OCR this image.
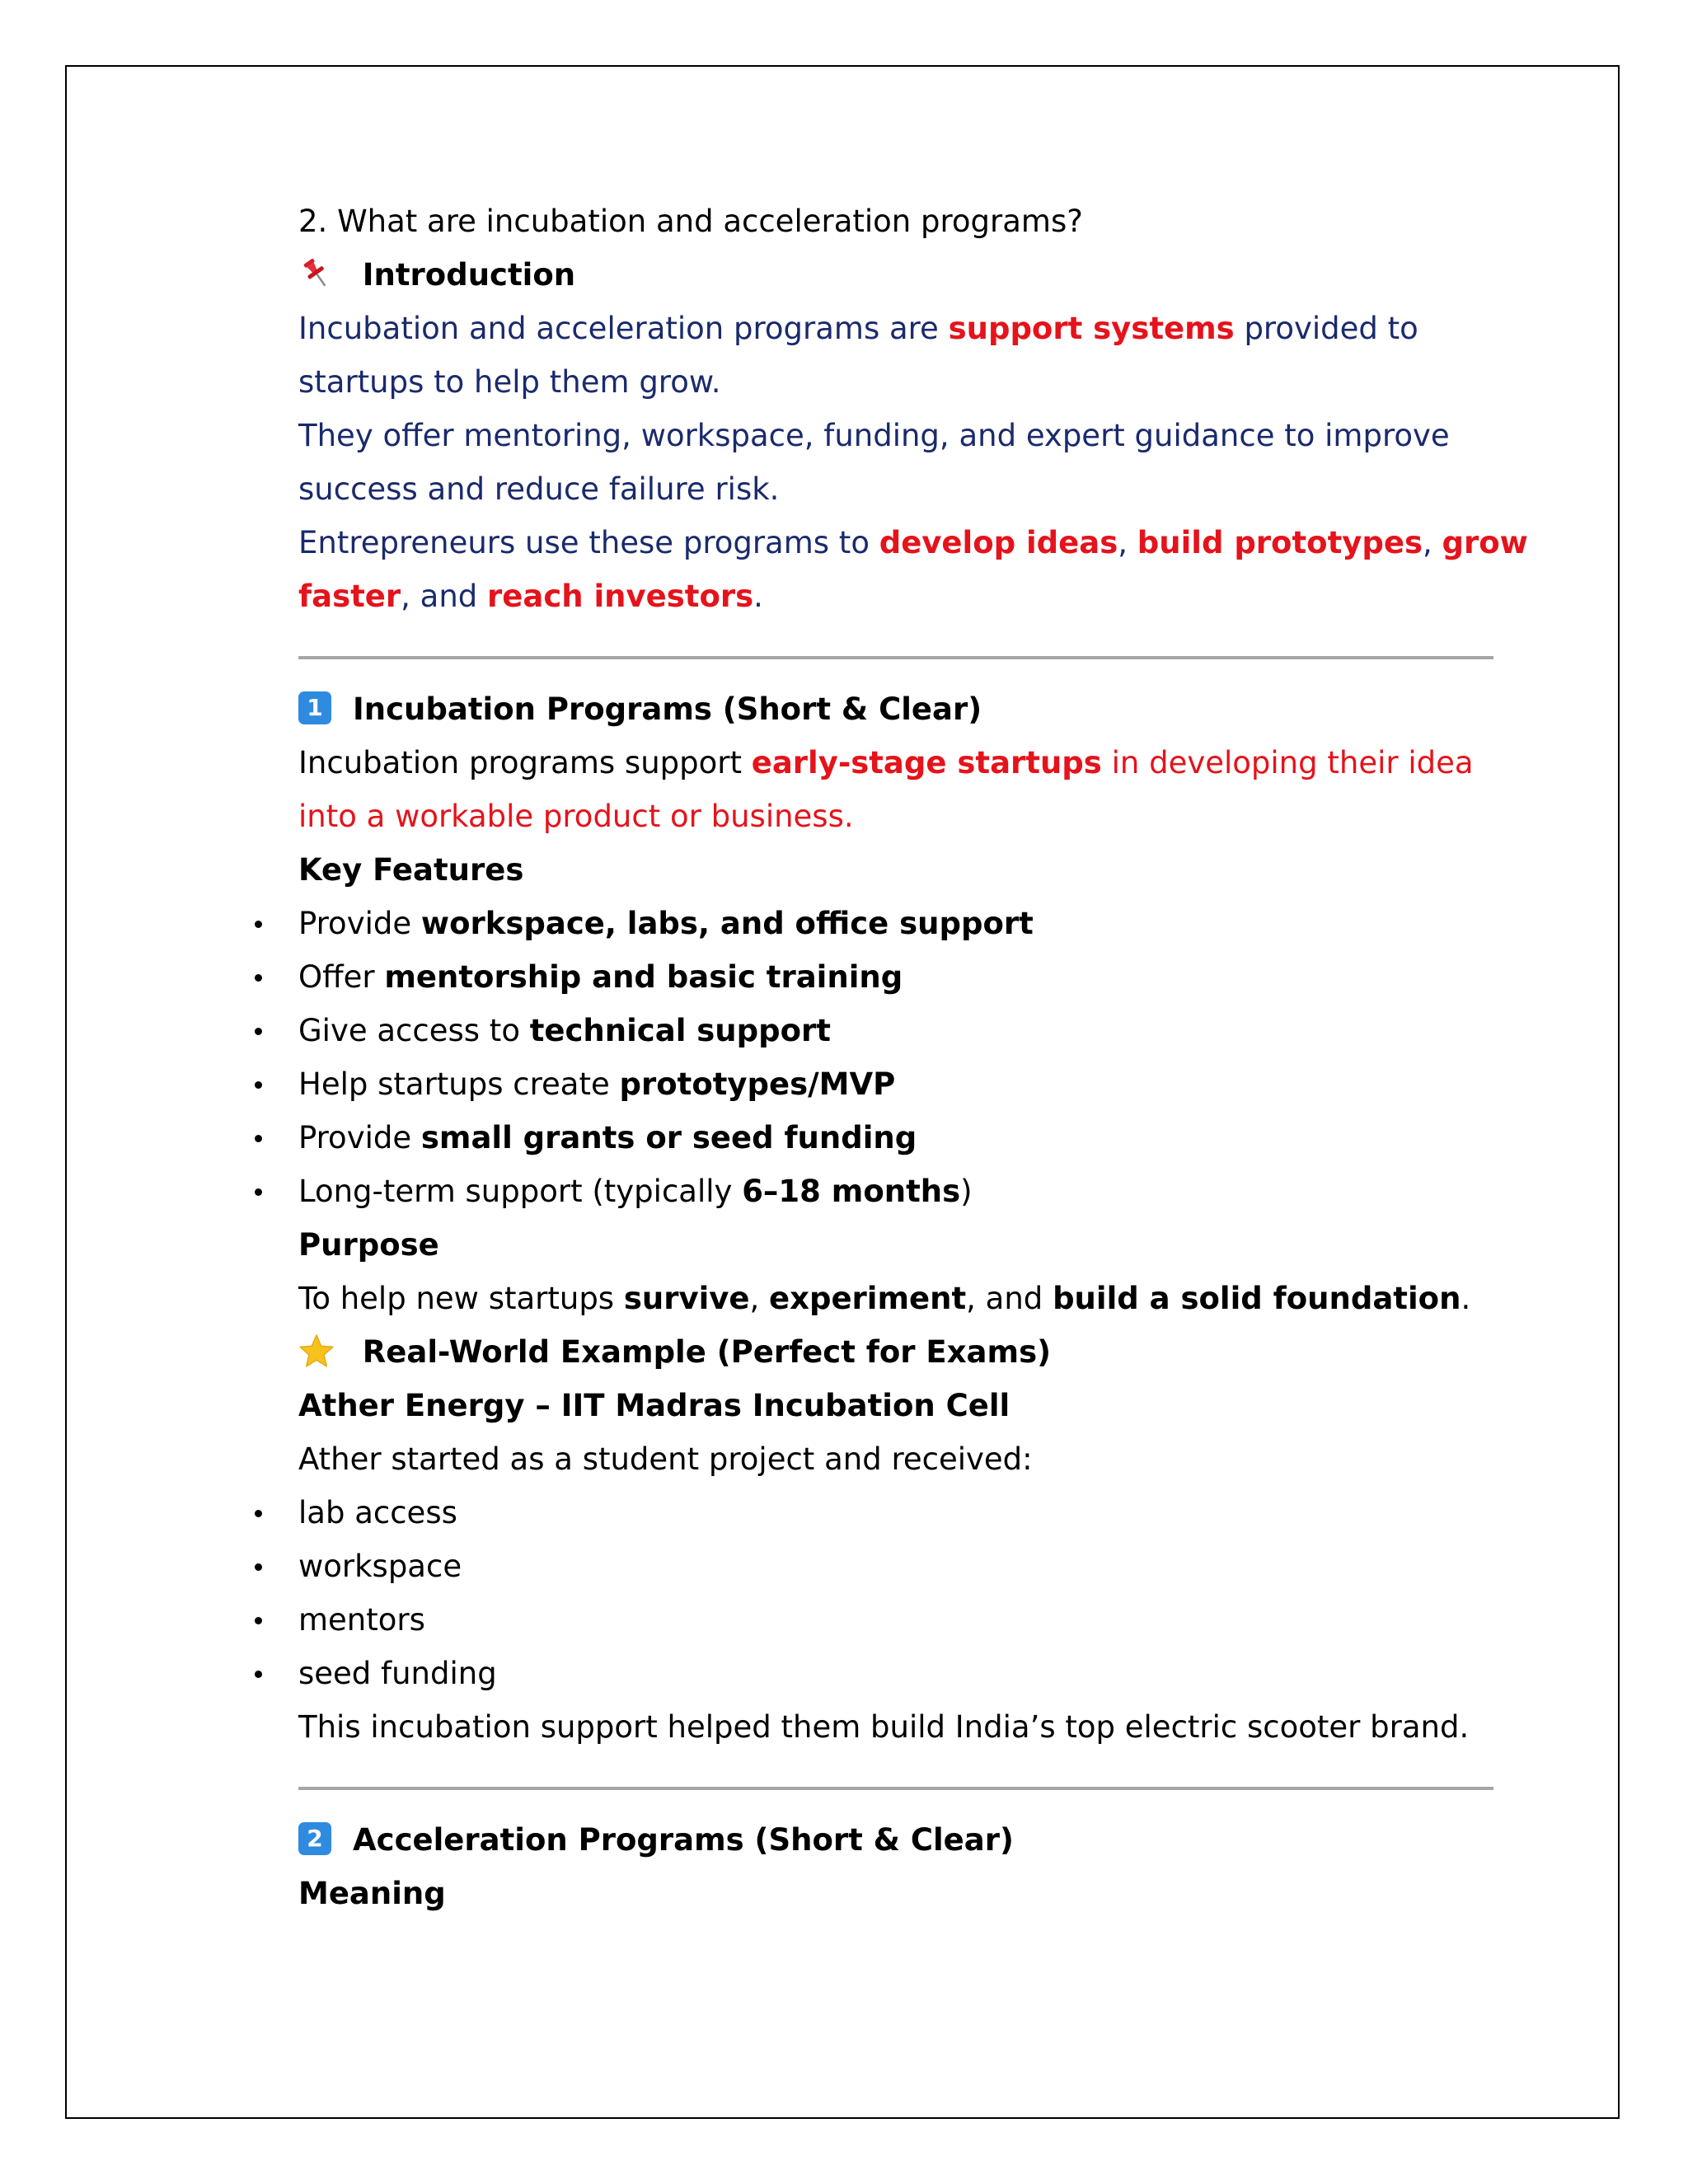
2. What are incubation and acceleration programs?
Introduction
Incubation and acceleration programs are support systems provided to
startups to help them grow.
They offer mentoring, workspace, funding, and expert guidance to improve
success and reduce failure risk.
Entrepreneurs use these programs to develop ideas, build prototypes, grow
faster, and reach investors.
1 Incubation Programs (Short & Clear)
Incubation programs support early-stage startups in developing their idea
into a workable product or business.
Key Features
Provide workspace, labs, and office support
Offer mentorship and basic training
Give access to technical support
Help startups create prototypes/MVP
Provide small grants or seed funding
Long-term support (typically 6–18 months)
Purpose
To help new startups survive, experiment, and build a solid foundation.
Real-World Example (Perfect for Exams)
Ather Energy – IIT Madras Incubation Cell
Ather started as a student project and received:
lab access
workspace
mentors
seed funding
This incubation support helped them build India’s top electric scooter brand.
2 Acceleration Programs (Short & Clear)
Meaning
